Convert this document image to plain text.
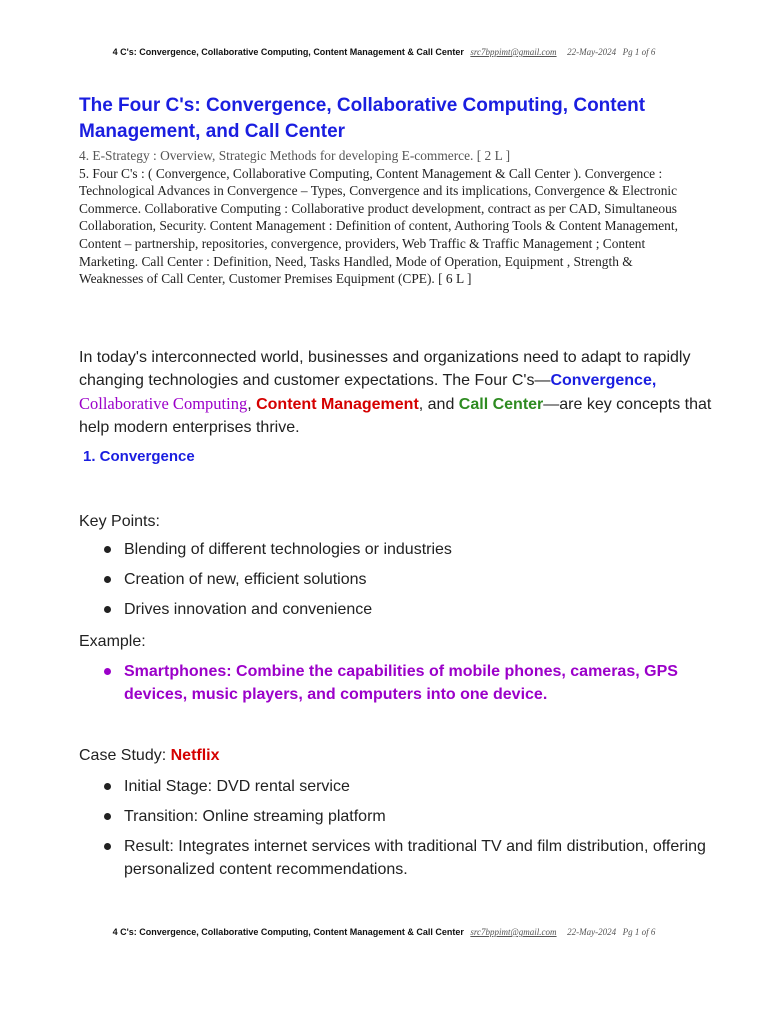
4 C's: Convergence, Collaborative Computing, Content Management & Call Center src7bppimt@gmail.com 22-May-2024 Pg 1 of 6
The Four C's: Convergence, Collaborative Computing, Content Management, and Call Center
4. E-Strategy : Overview, Strategic Methods for developing E-commerce. [ 2 L ]

5. Four C's : ( Convergence, Collaborative Computing, Content Management & Call Center ). Convergence : Technological Advances in Convergence – Types, Convergence and its implications, Convergence & Electronic Commerce. Collaborative Computing : Collaborative product development, contract as per CAD, Simultaneous Collaboration, Security. Content Management : Definition of content, Authoring Tools & Content Management, Content – partnership, repositories, convergence, providers, Web Traffic & Traffic Management ; Content Marketing. Call Center : Definition, Need, Tasks Handled, Mode of Operation, Equipment , Strength & Weaknesses of Call Center, Customer Premises Equipment (CPE). [ 6 L ]

In today's interconnected world, businesses and organizations need to adapt to rapidly changing technologies and customer expectations. The Four C's—Convergence, Collaborative Computing, Content Management, and Call Center—are key concepts that help modern enterprises thrive.

1. Convergence

Key Points:

Blending of different technologies or industries
Creation of new, efficient solutions
Drives innovation and convenience

Example:

Smartphones: Combine the capabilities of mobile phones, cameras, GPS devices, music players, and computers into one device.

Case Study: Netflix

Initial Stage: DVD rental service
Transition: Online streaming platform
Result: Integrates internet services with traditional TV and film distribution, offering personalized content recommendations.
4 C's: Convergence, Collaborative Computing, Content Management & Call Center src7bppimt@gmail.com 22-May-2024 Pg 1 of 6
